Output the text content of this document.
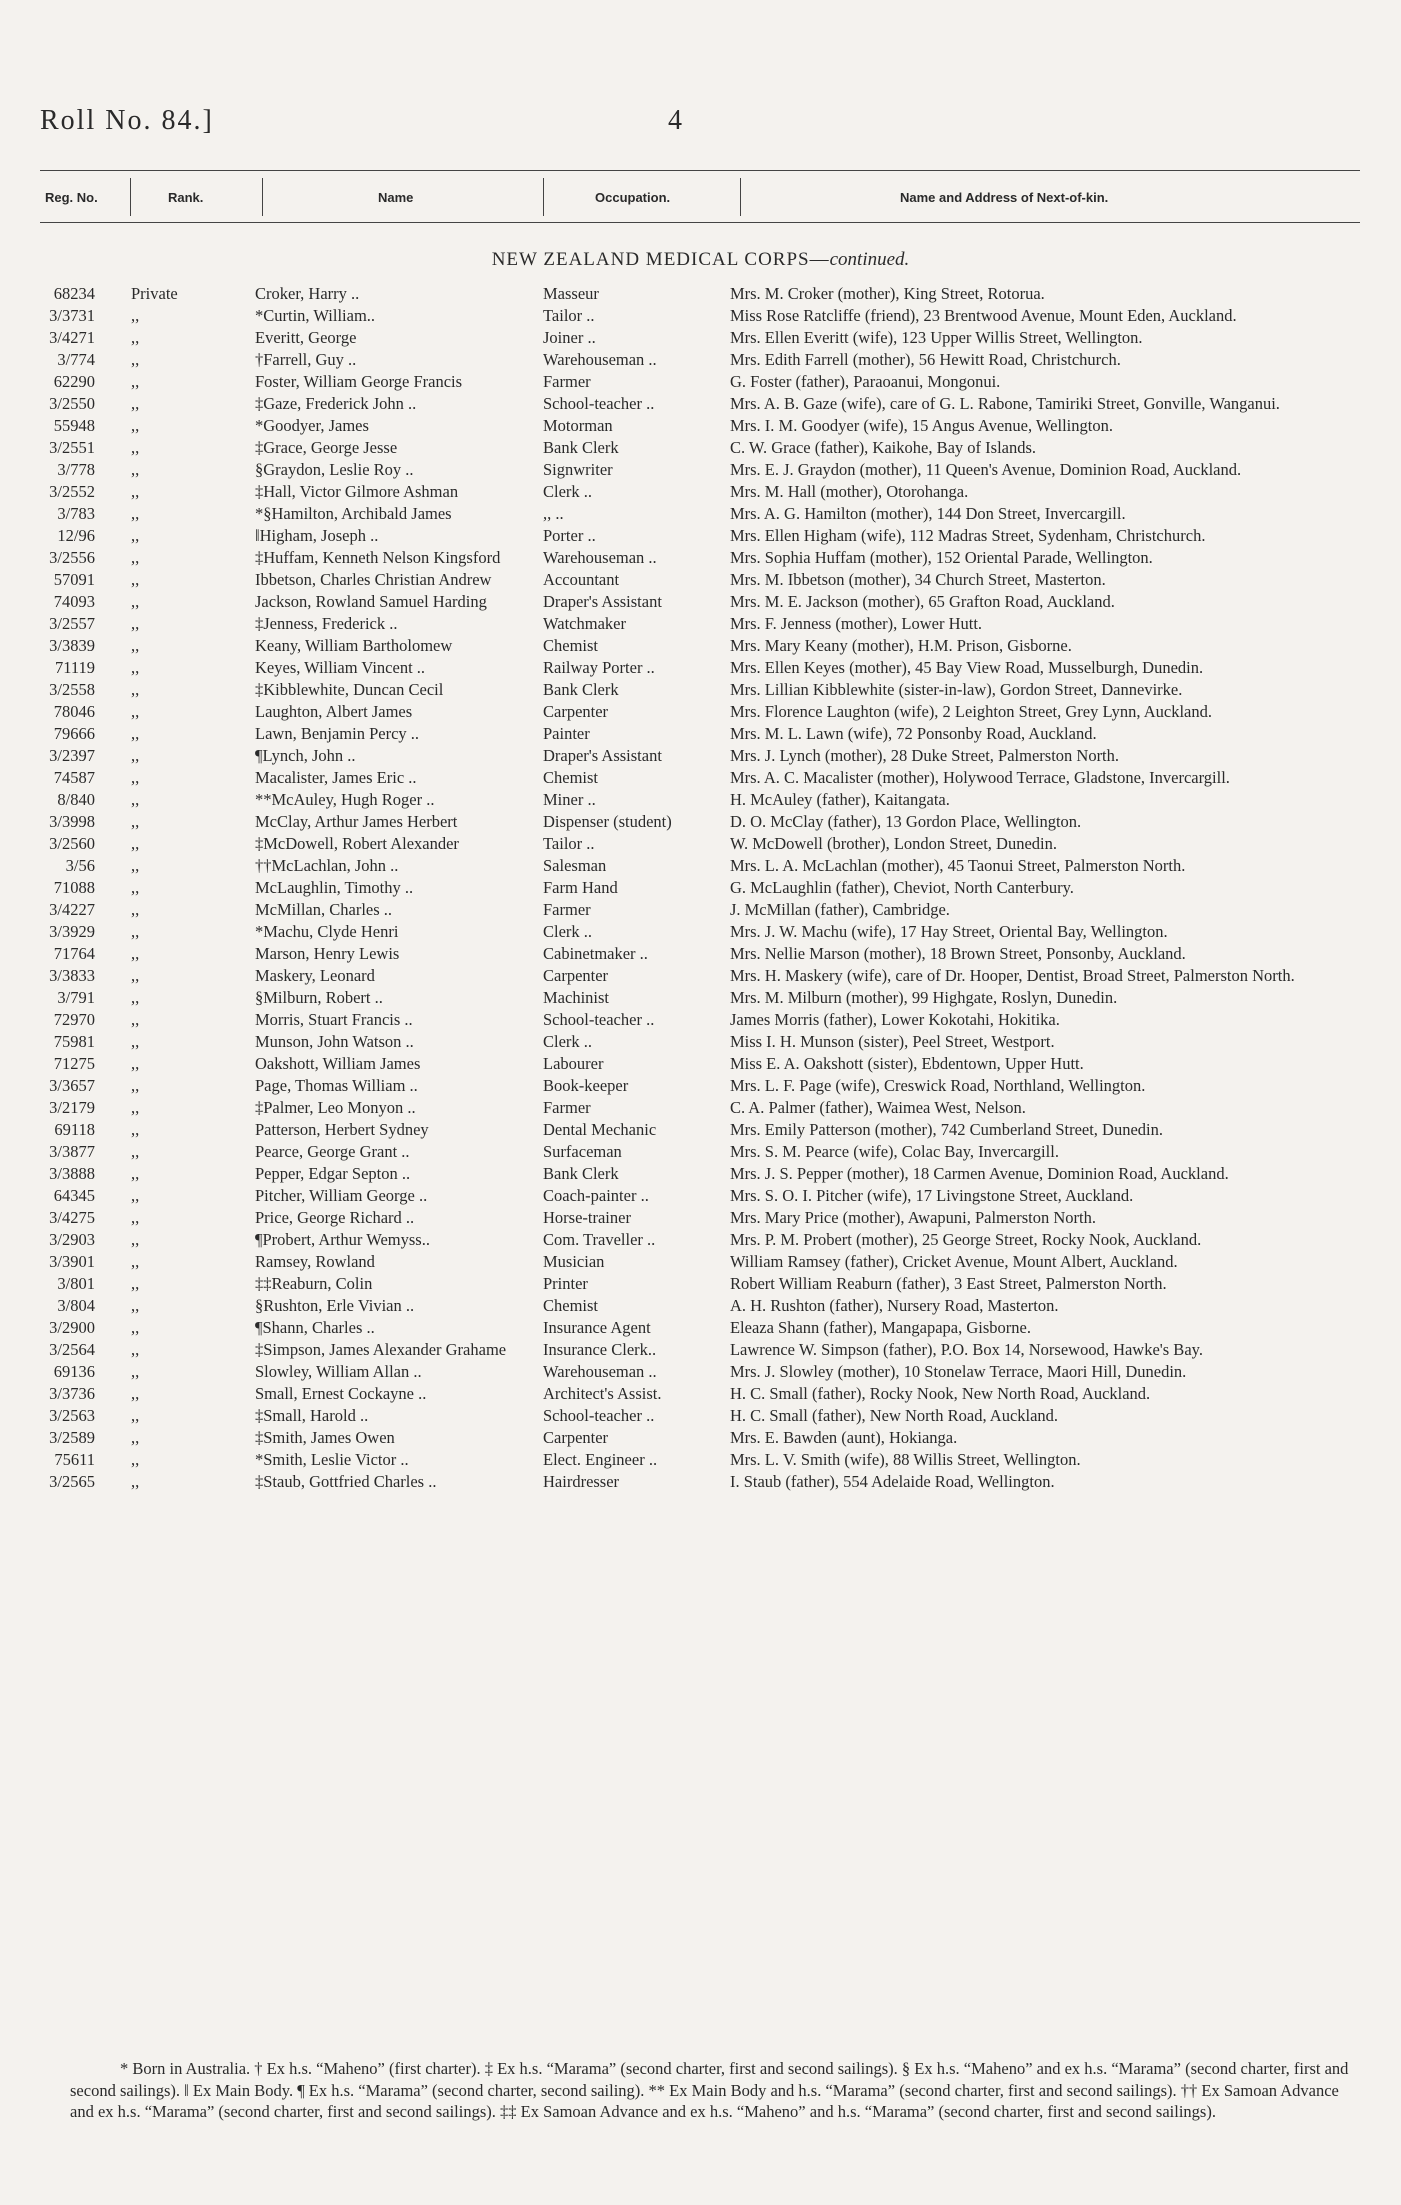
Roll No. 84.]	4
Reg. No.	Rank.	Name	Occupation.	Name and Address of Next-of-kin.
NEW ZEALAND MEDICAL CORPS—continued.
68234	Private	Croker, Harry ..	Masseur	Mrs. M. Croker (mother), King Street, Rotorua.
3/3731	,,	*Curtin, William..	Tailor ..	Miss Rose Ratcliffe (friend), 23 Brentwood Avenue, Mount Eden, Auckland.
3/4271	,,	Everitt, George	Joiner ..	Mrs. Ellen Everitt (wife), 123 Upper Willis Street, Wellington.
3/774	,,	†Farrell, Guy ..	Warehouseman ..	Mrs. Edith Farrell (mother), 56 Hewitt Road, Christchurch.
62290	,,	Foster, William George Francis	Farmer	G. Foster (father), Paraoanui, Mongonui.
3/2550	,,	‡Gaze, Frederick John ..	School-teacher ..	Mrs. A. B. Gaze (wife), care of G. L. Rabone, Tamiriki Street, Gonville, Wanganui.
55948	,,	*Goodyer, James	Motorman	Mrs. I. M. Goodyer (wife), 15 Angus Avenue, Wellington.
3/2551	,,	‡Grace, George Jesse	Bank Clerk	C. W. Grace (father), Kaikohe, Bay of Islands.
3/778	,,	§Graydon, Leslie Roy ..	Signwriter	Mrs. E. J. Graydon (mother), 11 Queen's Avenue, Dominion Road, Auckland.
3/2552	,,	‡Hall, Victor Gilmore Ashman	Clerk ..	Mrs. M. Hall (mother), Otorohanga.
3/783	,,	*§Hamilton, Archibald James	,, ..	Mrs. A. G. Hamilton (mother), 144 Don Street, Invercargill.
12/96	,,	‖Higham, Joseph ..	Porter ..	Mrs. Ellen Higham (wife), 112 Madras Street, Sydenham, Christchurch.
3/2556	,,	‡Huffam, Kenneth Nelson Kingsford	Warehouseman ..	Mrs. Sophia Huffam (mother), 152 Oriental Parade, Wellington.
57091	,,	Ibbetson, Charles Christian Andrew	Accountant	Mrs. M. Ibbetson (mother), 34 Church Street, Masterton.
74093	,,	Jackson, Rowland Samuel Harding	Draper's Assistant	Mrs. M. E. Jackson (mother), 65 Grafton Road, Auckland.
3/2557	,,	‡Jenness, Frederick ..	Watchmaker	Mrs. F. Jenness (mother), Lower Hutt.
3/3839	,,	Keany, William Bartholomew	Chemist	Mrs. Mary Keany (mother), H.M. Prison, Gisborne.
71119	,,	Keyes, William Vincent ..	Railway Porter ..	Mrs. Ellen Keyes (mother), 45 Bay View Road, Musselburgh, Dunedin.
3/2558	,,	‡Kibblewhite, Duncan Cecil	Bank Clerk	Mrs. Lillian Kibblewhite (sister-in-law), Gordon Street, Dannevirke.
78046	,,	Laughton, Albert James	Carpenter	Mrs. Florence Laughton (wife), 2 Leighton Street, Grey Lynn, Auckland.
79666	,,	Lawn, Benjamin Percy ..	Painter	Mrs. M. L. Lawn (wife), 72 Ponsonby Road, Auckland.
3/2397	,,	¶Lynch, John ..	Draper's Assistant	Mrs. J. Lynch (mother), 28 Duke Street, Palmerston North.
74587	,,	Macalister, James Eric ..	Chemist	Mrs. A. C. Macalister (mother), Holywood Terrace, Gladstone, Invercargill.
8/840	,,	**McAuley, Hugh Roger ..	Miner ..	H. McAuley (father), Kaitangata.
3/3998	,,	McClay, Arthur James Herbert	Dispenser (student)	D. O. McClay (father), 13 Gordon Place, Wellington.
3/2560	,,	‡McDowell, Robert Alexander	Tailor ..	W. McDowell (brother), London Street, Dunedin.
3/56	,,	††McLachlan, John ..	Salesman	Mrs. L. A. McLachlan (mother), 45 Taonui Street, Palmerston North.
71088	,,	McLaughlin, Timothy ..	Farm Hand	G. McLaughlin (father), Cheviot, North Canterbury.
3/4227	,,	McMillan, Charles ..	Farmer	J. McMillan (father), Cambridge.
3/3929	,,	*Machu, Clyde Henri	Clerk ..	Mrs. J. W. Machu (wife), 17 Hay Street, Oriental Bay, Wellington.
71764	,,	Marson, Henry Lewis	Cabinetmaker ..	Mrs. Nellie Marson (mother), 18 Brown Street, Ponsonby, Auckland.
3/3833	,,	Maskery, Leonard	Carpenter	Mrs. H. Maskery (wife), care of Dr. Hooper, Dentist, Broad Street, Palmerston North.
3/791	,,	§Milburn, Robert ..	Machinist	Mrs. M. Milburn (mother), 99 Highgate, Roslyn, Dunedin.
72970	,,	Morris, Stuart Francis ..	School-teacher ..	James Morris (father), Lower Kokotahi, Hokitika.
75981	,,	Munson, John Watson ..	Clerk ..	Miss I. H. Munson (sister), Peel Street, Westport.
71275	,,	Oakshott, William James	Labourer	Miss E. A. Oakshott (sister), Ebdentown, Upper Hutt.
3/3657	,,	Page, Thomas William ..	Book-keeper	Mrs. L. F. Page (wife), Creswick Road, Northland, Wellington.
3/2179	,,	‡Palmer, Leo Monyon ..	Farmer	C. A. Palmer (father), Waimea West, Nelson.
69118	,,	Patterson, Herbert Sydney	Dental Mechanic	Mrs. Emily Patterson (mother), 742 Cumberland Street, Dunedin.
3/3877	,,	Pearce, George Grant ..	Surfaceman	Mrs. S. M. Pearce (wife), Colac Bay, Invercargill.
3/3888	,,	Pepper, Edgar Septon ..	Bank Clerk	Mrs. J. S. Pepper (mother), 18 Carmen Avenue, Dominion Road, Auckland.
64345	,,	Pitcher, William George ..	Coach-painter ..	Mrs. S. O. I. Pitcher (wife), 17 Livingstone Street, Auckland.
3/4275	,,	Price, George Richard ..	Horse-trainer	Mrs. Mary Price (mother), Awapuni, Palmerston North.
3/2903	,,	¶Probert, Arthur Wemyss..	Com. Traveller ..	Mrs. P. M. Probert (mother), 25 George Street, Rocky Nook, Auckland.
3/3901	,,	Ramsey, Rowland	Musician	William Ramsey (father), Cricket Avenue, Mount Albert, Auckland.
3/801	,,	‡‡Reaburn, Colin	Printer	Robert William Reaburn (father), 3 East Street, Palmerston North.
3/804	,,	§Rushton, Erle Vivian ..	Chemist	A. H. Rushton (father), Nursery Road, Masterton.
3/2900	,,	¶Shann, Charles ..	Insurance Agent	Eleaza Shann (father), Mangapapa, Gisborne.
3/2564	,,	‡Simpson, James Alexander Grahame	Insurance Clerk..	Lawrence W. Simpson (father), P.O. Box 14, Norsewood, Hawke's Bay.
69136	,,	Slowley, William Allan ..	Warehouseman ..	Mrs. J. Slowley (mother), 10 Stonelaw Terrace, Maori Hill, Dunedin.
3/3736	,,	Small, Ernest Cockayne ..	Architect's Assist.	H. C. Small (father), Rocky Nook, New North Road, Auckland.
3/2563	,,	‡Small, Harold ..	School-teacher ..	H. C. Small (father), New North Road, Auckland.
3/2589	,,	‡Smith, James Owen	Carpenter	Mrs. E. Bawden (aunt), Hokianga.
75611	,,	*Smith, Leslie Victor ..	Elect. Engineer ..	Mrs. L. V. Smith (wife), 88 Willis Street, Wellington.
3/2565	,,	‡Staub, Gottfried Charles ..	Hairdresser	I. Staub (father), 554 Adelaide Road, Wellington.
* Born in Australia. † Ex h.s. “Maheno” (first charter). ‡ Ex h.s. “Marama” (second charter, first and second sailings). § Ex h.s. “Maheno” and ex h.s. “Marama” (second charter, first and second sailings). ‖ Ex Main Body. ¶ Ex h.s. “Marama” (second charter, second sailing). ** Ex Main Body and h.s. “Marama” (second charter, first and second sailings). †† Ex Samoan Advance and ex h.s. “Marama” (second charter, first and second sailings). ‡‡ Ex Samoan Advance and ex h.s. “Maheno” and h.s. “Marama” (second charter, first and second sailings).
